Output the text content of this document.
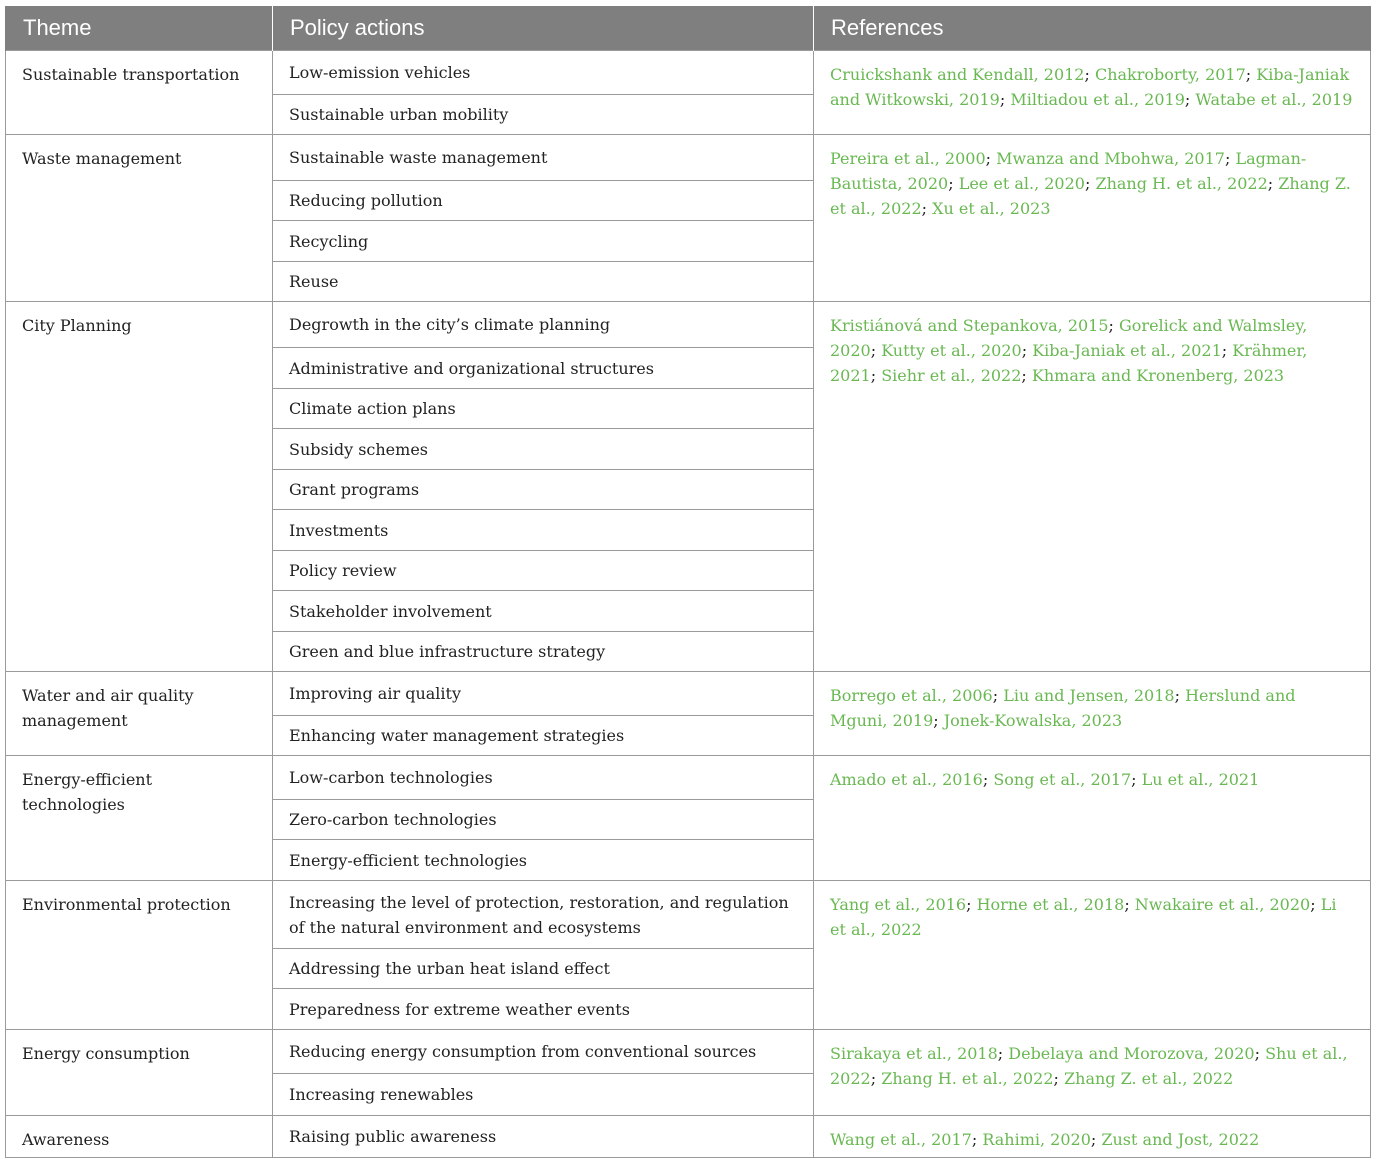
Theme	Policy actions	References
Sustainable transportation	Low-emission vehicles	Cruickshank and Kendall, 2012; Chakroborty, 2017; Kiba-Janiak and Witkowski, 2019; Miltiadou et al., 2019; Watabe et al., 2019
	Sustainable urban mobility	
Waste management	Sustainable waste management	Pereira et al., 2000; Mwanza and Mbohwa, 2017; Lagman-Bautista, 2020; Lee et al., 2020; Zhang H. et al., 2022; Zhang Z. et al., 2022; Xu et al., 2023
	Reducing pollution	
	Recycling	
	Reuse	
City Planning	Degrowth in the city’s climate planning	Kristiánová and Stepankova, 2015; Gorelick and Walmsley, 2020; Kutty et al., 2020; Kiba-Janiak et al., 2021; Krähmer, 2021; Siehr et al., 2022; Khmara and Kronenberg, 2023
	Administrative and organizational structures	
	Climate action plans	
	Subsidy schemes	
	Grant programs	
	Investments	
	Policy review	
	Stakeholder involvement	
	Green and blue infrastructure strategy	
Water and air quality management	Improving air quality	Borrego et al., 2006; Liu and Jensen, 2018; Herslund and Mguni, 2019; Jonek-Kowalska, 2023
	Enhancing water management strategies	
Energy-efficient technologies	Low-carbon technologies	Amado et al., 2016; Song et al., 2017; Lu et al., 2021
	Zero-carbon technologies	
	Energy-efficient technologies	
Environmental protection	Increasing the level of protection, restoration, and regulation of the natural environment and ecosystems	Yang et al., 2016; Horne et al., 2018; Nwakaire et al., 2020; Li et al., 2022
	Addressing the urban heat island effect	
	Preparedness for extreme weather events	
Energy consumption	Reducing energy consumption from conventional sources	Sirakaya et al., 2018; Debelaya and Morozova, 2020; Shu et al., 2022; Zhang H. et al., 2022; Zhang Z. et al., 2022
	Increasing renewables	
Awareness	Raising public awareness	Wang et al., 2017; Rahimi, 2020; Zust and Jost, 2022
